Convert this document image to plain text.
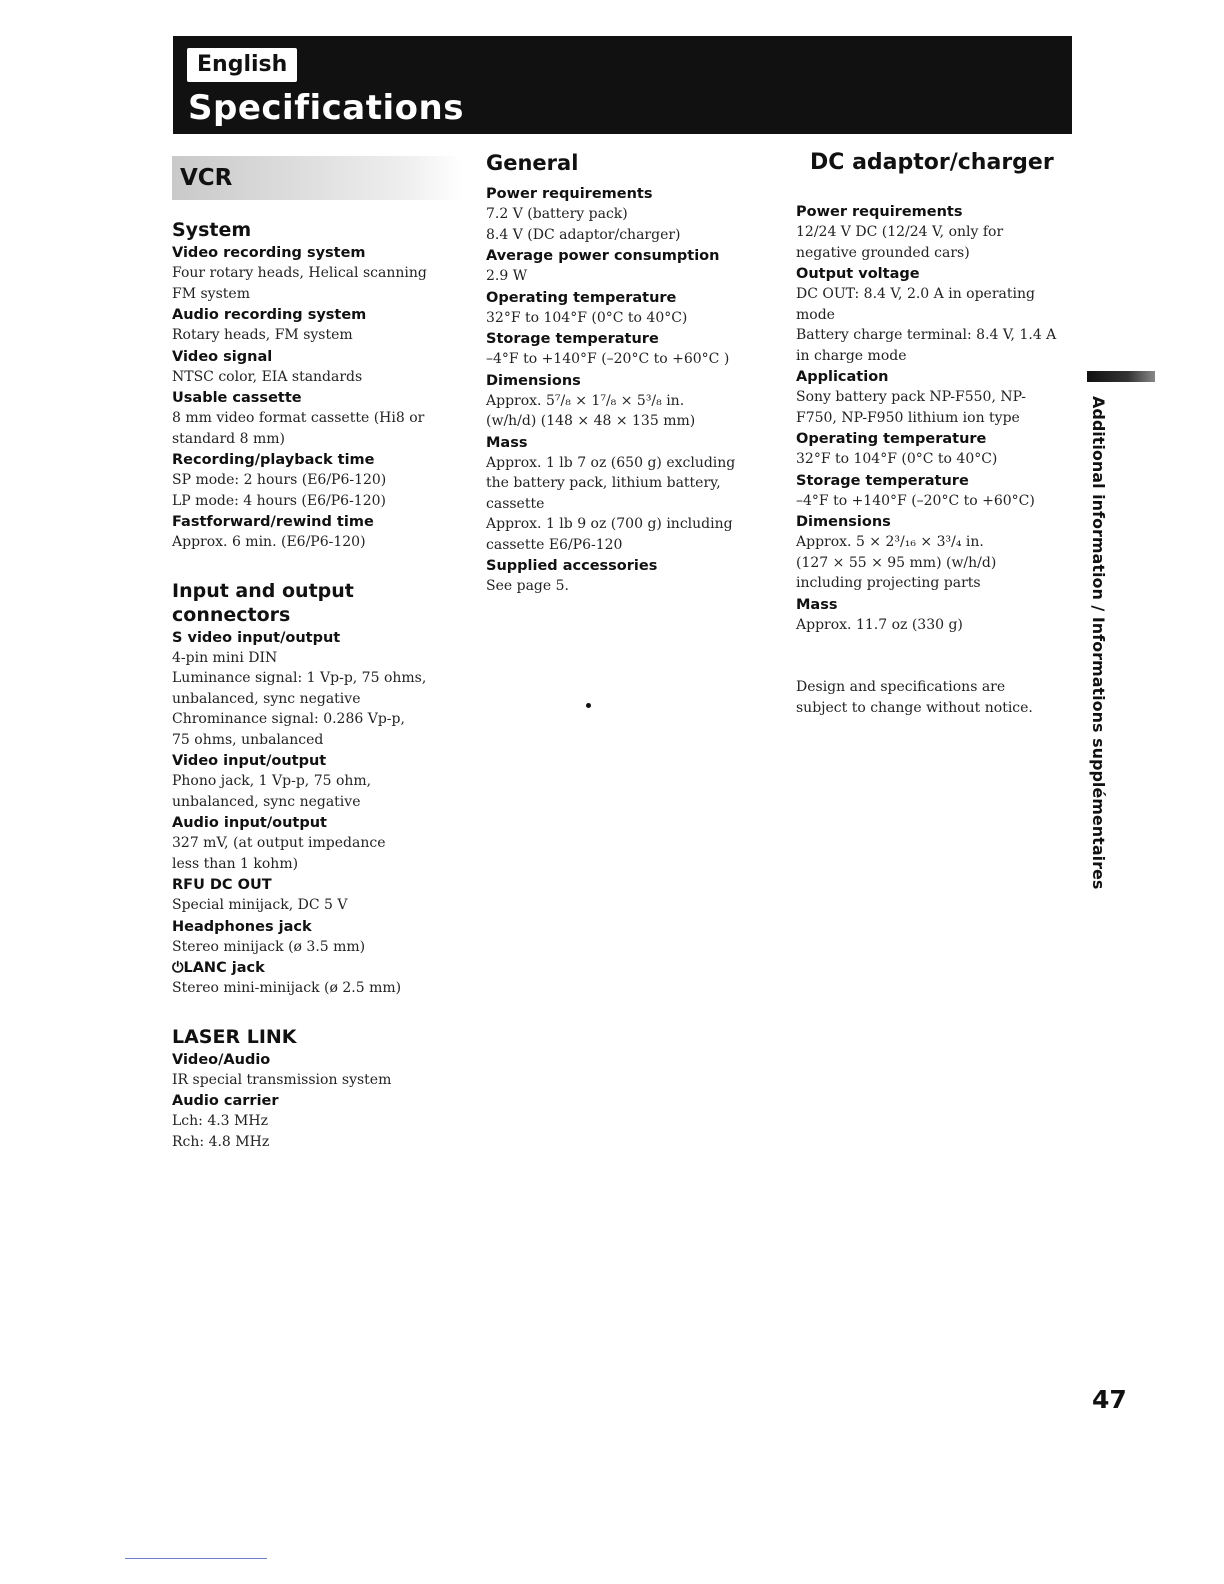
English
Specifications
VCR
System
Video recording system
Four rotary heads, Helical scanning
FM system
Audio recording system
Rotary heads, FM system
Video signal
NTSC color, EIA standards
Usable cassette
8 mm video format cassette (Hi8 or
standard 8 mm)
Recording/playback time
SP mode: 2 hours (E6/P6-120)
LP mode: 4 hours (E6/P6-120)
Fastforward/rewind time
Approx. 6 min. (E6/P6-120)
Input and output
connectors
S video input/output
4-pin mini DIN
Luminance signal: 1 Vp-p, 75 ohms,
unbalanced, sync negative
Chrominance signal: 0.286 Vp-p,
75 ohms, unbalanced
Video input/output
Phono jack, 1 Vp-p, 75 ohm,
unbalanced, sync negative
Audio input/output
327 mV, (at output impedance
less than 1 kohm)
RFU DC OUT
Special minijack, DC 5 V
Headphones jack
Stereo minijack (ø 3.5 mm)
⏻LANC jack
Stereo mini-minijack (ø 2.5 mm)
LASER LINK
Video/Audio
IR special transmission system
Audio carrier
Lch: 4.3 MHz
Rch: 4.8 MHz
General
Power requirements
7.2 V (battery pack)
8.4 V (DC adaptor/charger)
Average power consumption
2.9 W
Operating temperature
32°F to 104°F (0°C to 40°C)
Storage temperature
–4°F to +140°F (–20°C to +60°C )
Dimensions
Approx. 5⁷/₈ × 1⁷/₈ × 5³/₈ in.
(w/h/d) (148 × 48 × 135 mm)
Mass
Approx. 1 lb 7 oz (650 g) excluding
the battery pack, lithium battery,
cassette
Approx. 1 lb 9 oz (700 g) including
cassette E6/P6-120
Supplied accessories
See page 5.
DC adaptor/charger
Power requirements
12/24 V DC (12/24 V, only for
negative grounded cars)
Output voltage
DC OUT: 8.4 V, 2.0 A in operating
mode
Battery charge terminal: 8.4 V, 1.4 A
in charge mode
Application
Sony battery pack NP-F550, NP-
F750, NP-F950 lithium ion type
Operating temperature
32°F to 104°F (0°C to 40°C)
Storage temperature
–4°F to +140°F (–20°C to +60°C)
Dimensions
Approx. 5 × 2³/₁₆ × 3³/₄ in.
(127 × 55 × 95 mm) (w/h/d)
including projecting parts
Mass
Approx. 11.7 oz (330 g)
Design and specifications are
subject to change without notice.	Additional information / Informations supplémentaires
47
